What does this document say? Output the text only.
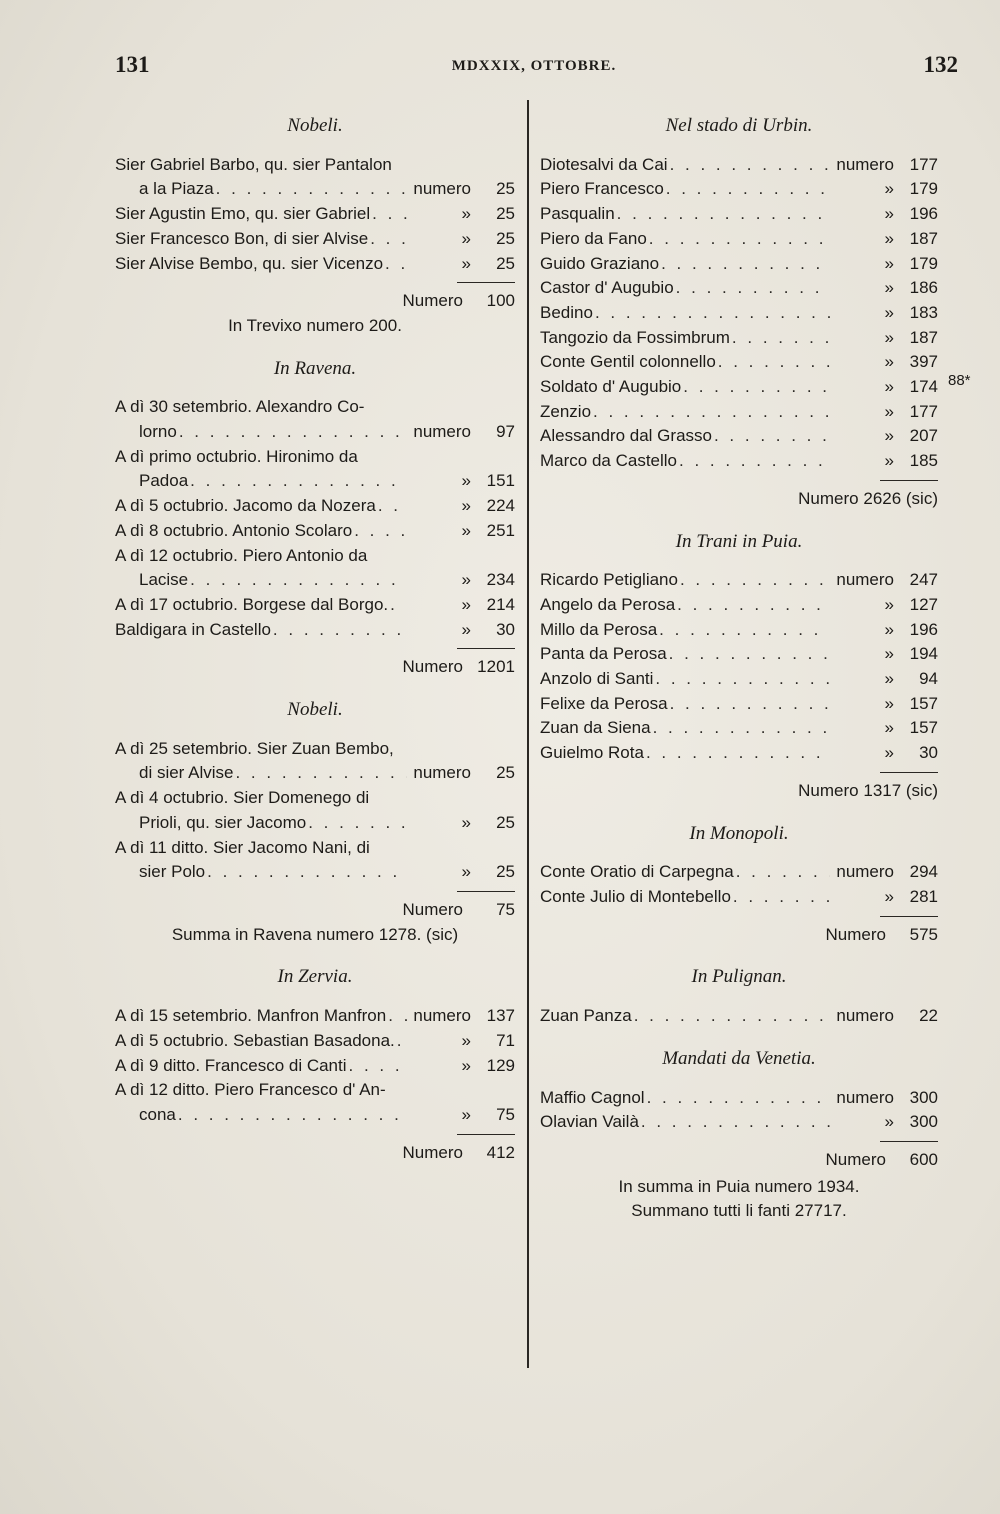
131	MDXXIX, OTTOBRE.	132
88*
Nobeli.
Sier Gabriel Barbo, qu. sier Pantalon
a la Piaza . . .	numero	25
Sier Agustin Emo, qu. sier Gabriel . . .	»	25
Sier Francesco Bon, di sier Alvise . . .	»	25
Sier Alvise Bembo, qu. sier Vicenzo . . .	»	25
Numero 100
In Trevixo numero 200.
In Ravena.
A dì 30 setembrio. Alexandro Co-
lorno . . .	numero	97
A dì primo octubrio. Hironimo da
Padoa . . .	» 151
A dì 5 octubrio. Jacomo da Nozera . . .	» 224
A dì 8 octubrio. Antonio Scolaro . . .	» 251
A dì 12 octubrio. Piero Antonio da
Lacise . . .	» 234
A dì 17 octubrio. Borgese dal Borgo. . . .	» 214
Baldigara in Castello . . .	»	30
Numero 1201
Nobeli.
A dì 25 setembrio. Sier Zuan Bembo,
di sier Alvise . . .	numero	25
A dì 4 octubrio. Sier Domenego di
Prioli, qu. sier Jacomo . . .	»	25
A dì 11 ditto. Sier Jacomo Nani, di
sier Polo . . .	»	25
Numero 75
Summa in Ravena numero 1278. (sic)
In Zervia.
A dì 15 setembrio. Manfron Manfron . . .	numero 137
A dì 5 octubrio. Sebastian Basadona. . . .	»	71
A dì 9 ditto. Francesco di Canti . . .	» 129
A dì 12 ditto. Piero Francesco d' An-
cona . . .	»	75
Numero 412
Nel stado di Urbin.
Diotesalvi da Cai . . .	numero 177
Piero Francesco . . .	» 179
Pasqualin . . .	» 196
Piero da Fano . . .	» 187
Guido Graziano . . .	» 179
Castor d' Augubio . . .	» 186
Bedino . . .	» 183
Tangozio da Fossimbrum . . .	» 187
Conte Gentil colonnello . . .	» 397
Soldato d' Augubio . . .	» 174
Zenzio . . .	» 177
Alessandro dal Grasso . . .	» 207
Marco da Castello . . .	» 185
Numero 2626 (sic)
In Trani in Puia.
Ricardo Petigliano . . .	numero 247
Angelo da Perosa . . .	» 127
Millo da Perosa . . .	» 196
Panta da Perosa . . .	» 194
Anzolo di Santi . . .	»	94
Felixe da Perosa . . .	» 157
Zuan da Siena . . .	» 157
Guielmo Rota . . .	»	30
Numero 1317 (sic)
In Monopoli.
Conte Oratio di Carpegna . . .	numero 294
Conte Julio di Montebello . . .	» 281
Numero 575
In Pulignan.
Zuan Panza . . .	numero	22
Mandati da Venetia.
Maffio Cagnol . . .	numero 300
Olavian Vailà . . .	» 300
Numero 600
In summa in Puia numero 1934.
Summano tutti li fanti 27717.
